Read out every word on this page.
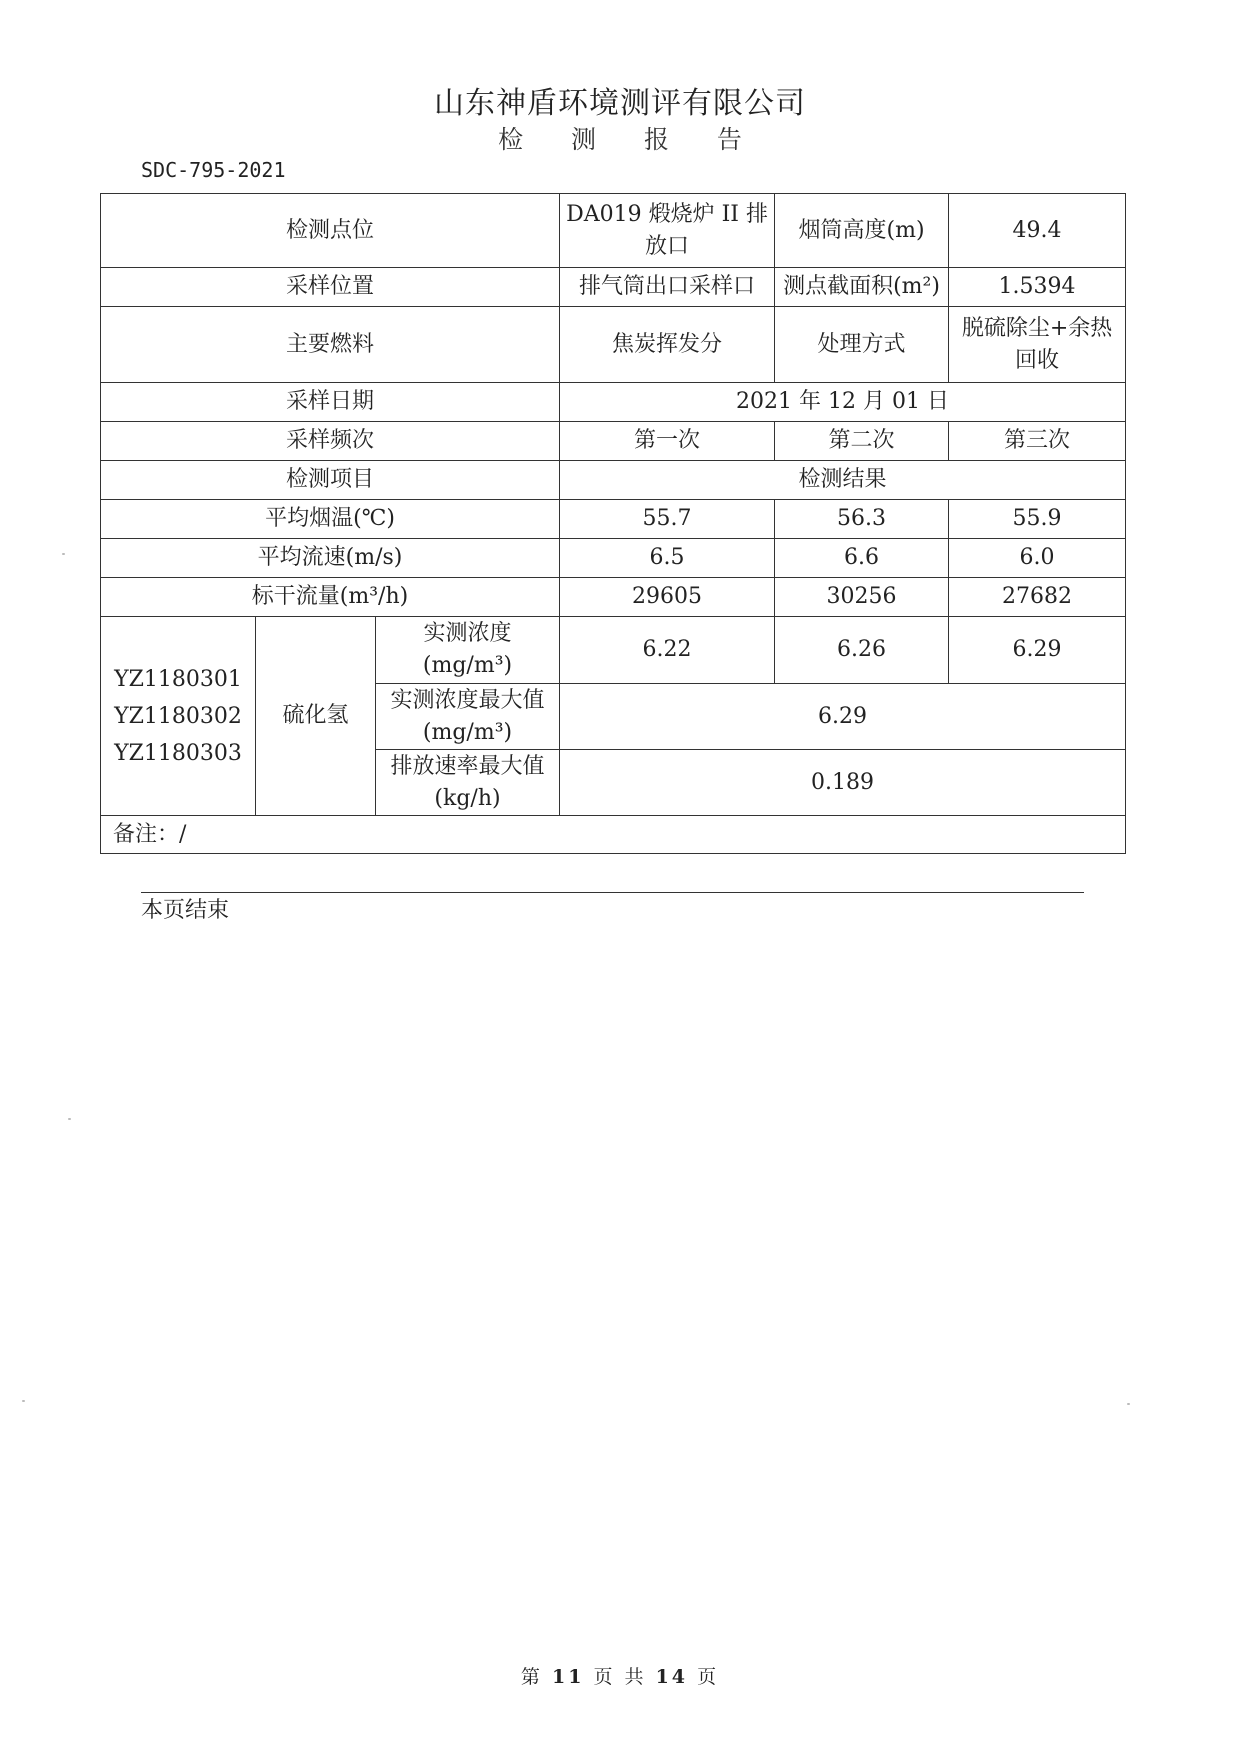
山东神盾环境测评有限公司
检 测 报 告
SDC-795-2021
检测点位			DA019 煅烧炉 II 排放口	烟筒高度(m)	49.4
采样位置			排气筒出口采样口	测点截面积(m²)	1.5394
主要燃料			焦炭挥发分	处理方式	脱硫除尘+余热回收
采样日期			2021 年 12 月 01 日		
采样频次			第一次	第二次	第三次
检测项目			检测结果		
平均烟温(℃)			55.7	56.3	55.9
平均流速(m/s)			6.5	6.6	6.0
标干流量(m³/h)			29605	30256	27682

YZ1180301
YZ1180302
YZ1180303	硫化氢	实测浓度(mg/m³)	6.22	6.26	6.29
		实测浓度最大值(mg/m³)	6.29		
		排放速率最大值(kg/h)	0.189		
备注：/					
本页结束
第 11 页 共 14 页
